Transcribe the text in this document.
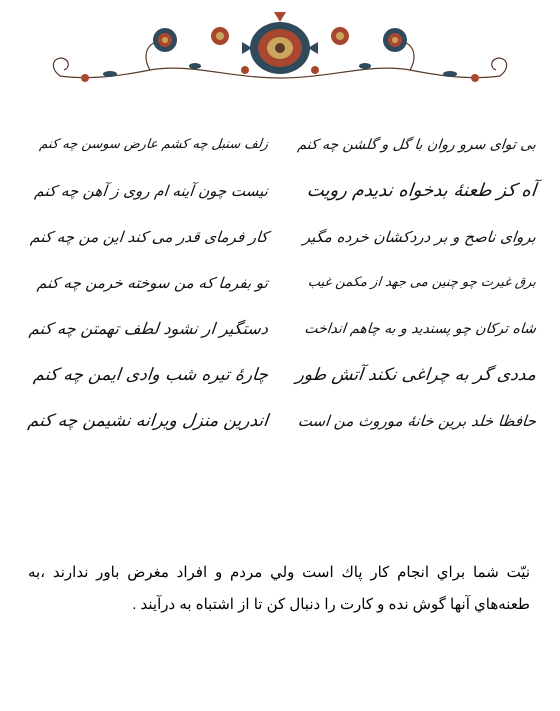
بی توای سرو روان با گل و گلشن چه کنم
آه کز طعنهٔ بدخواه ندیدم رویت
بروای ناصح و بر دردکشان خرده مگیر
برق غیرت چو چنین می جهد از مکمن غیب
شاه ترکان چو پسندید و به چاهم انداخت
مددی گر به چراغی نکند آتش طور
حافظا خلد برین خانهٔ موروث من است
زلف سنبل چه کشم عارض سوسن چه کنم
نیست چون آینه ام روی ز آهن چه کنم
کار فرمای قدر می کند این من چه کنم
تو بفرما که من سوخته خرمن چه کنم
دستگیر ار نشود لطف تهمتن چه کنم
چارهٔ تیره شب وادی ایمن چه کنم
اندرین منزل ویرانه نشیمن چه کنم

نیّت شما براي انجام كار پاك است ولي مردم و افراد مغرض باور ندارند ،به طعنه‌هاي آنها گوش نده و كارت را دنبال كن تا از اشتباه به درآيند .
